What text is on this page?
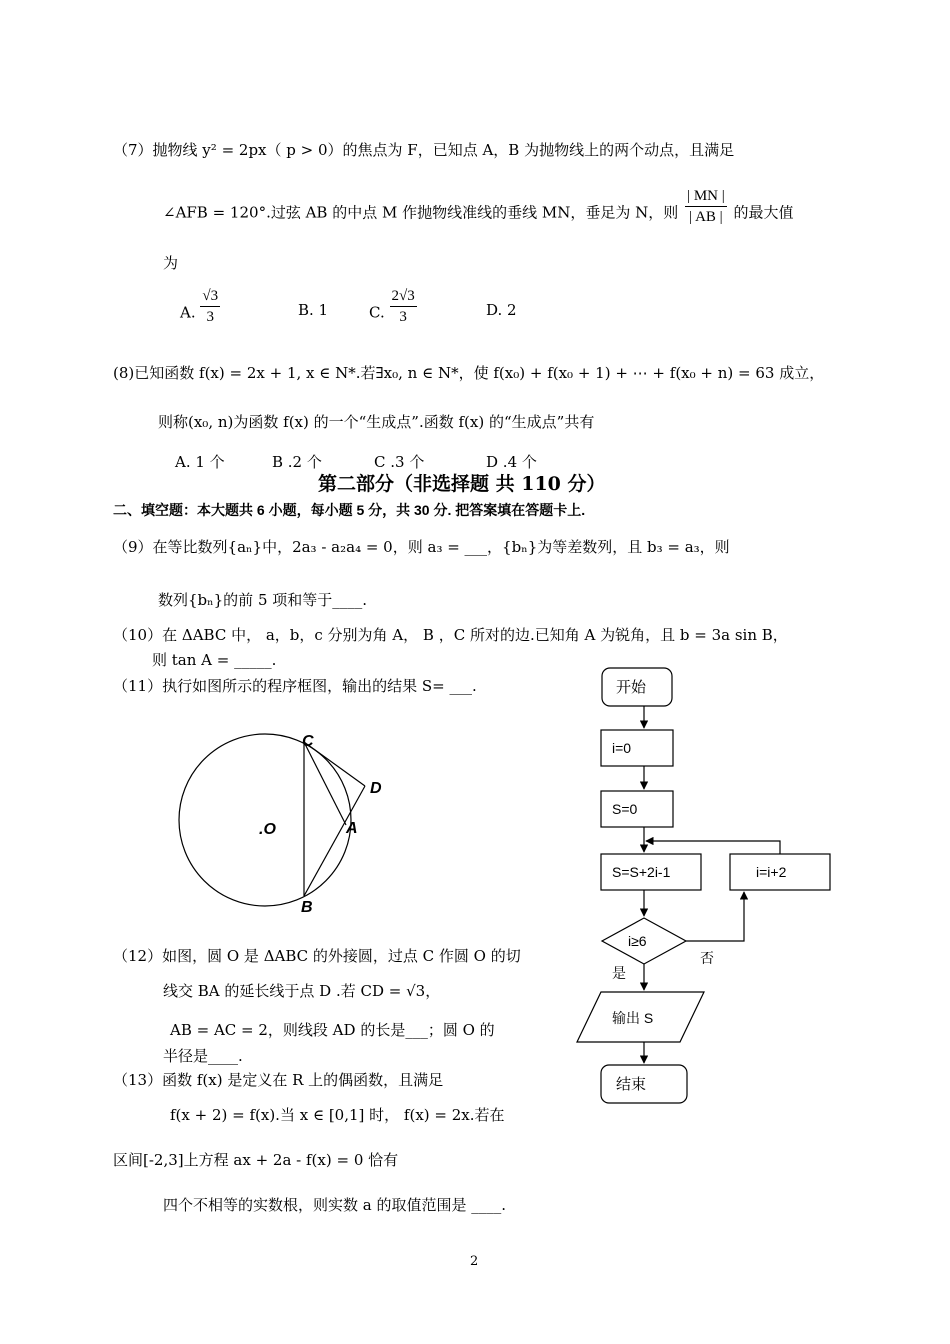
（7）抛物线 y² = 2px（ p > 0）的焦点为 F，已知点 A，B 为抛物线上的两个动点，且满足
∠AFB = 120°.过弦 AB 的中点 M 作抛物线准线的垂线 MN，垂足为 N，则 $\frac{| MN |}{| AB |}$ 的最大值
为
A. $\frac{√3}{3}$	B. 1	C. $\frac{2√3}{3}$	D. 2
(8)已知函数 f(x) = 2x + 1, x ∈ N*.若∃x₀, n ∈ N*，使 f(x₀) + f(x₀ + 1) + ⋯ + f(x₀ + n) = 63 成立，
则称(x₀, n)为函数 f(x) 的一个“生成点”.函数 f(x) 的“生成点”共有
A. 1 个	B .2 个	C .3 个	D .4 个
第二部分（非选择题 共 110 分）
二、填空题：本大题共 6 小题，每小题 5 分，共 30 分. 把答案填在答题卡上.
（9）在等比数列{aₙ}中，2a₃ - a₂a₄ = 0，则 a₃ = ___，{bₙ}为等差数列，且 b₃ = a₃，则
数列{bₙ}的前 5 项和等于____.
（10）在 ΔABC 中， a，b，c 分别为角 A， B ，C 所对的边.已知角 A 为锐角，且 b = 3a sin B，
则 tan A = _____.
（11）执行如图所示的程序框图，输出的结果 S= ___.
C
D
.O	A
B
（12）如图，圆 O 是 ΔABC 的外接圆，过点 C 作圆 O 的切
线交 BA 的延长线于点 D .若 CD = √3，
AB = AC = 2，则线段 AD 的长是___；圆 O 的
半径是____.
（13）函数 f(x) 是定义在 R 上的偶函数，且满足
f(x + 2) = f(x).当 x ∈ [0,1] 时， f(x) = 2x.若在
区间[-2,3]上方程 ax + 2a - f(x) = 0 恰有
四个不相等的实数根，则实数 a 的取值范围是 ____.
开始
i=0
S=0
S=S+2i-1	i=i+2
i≥6
否
是
输出 S
结束
2
